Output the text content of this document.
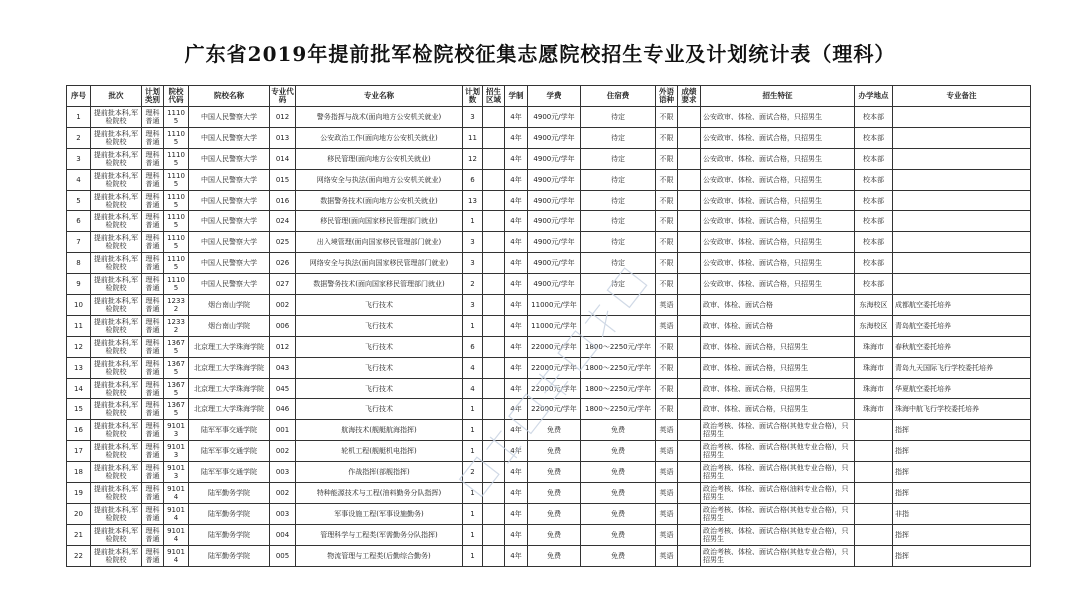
广东省2019年提前批军检院校征集志愿院校招生专业及计划统计表（理科）
序号	批次	计划类别	院校代码	院校名称	专业代码	专业名称	计划数	招生区域	学制	学费	住宿费	外语语种	成绩要求	招生特征	办学地点	专业备注
1	提前批本科,军检院校	理科普通	11105	中国人民警察大学	012	警务指挥与战术(面向地方公安机关就业)	3		4年	4900元/学年	待定	不限		公安政审、体检、面试合格，只招男生	校本部	
2	提前批本科,军检院校	理科普通	11105	中国人民警察大学	013	公安政治工作(面向地方公安机关就业)	11		4年	4900元/学年	待定	不限		公安政审、体检、面试合格，只招男生	校本部	
3	提前批本科,军检院校	理科普通	11105	中国人民警察大学	014	移民管理(面向地方公安机关就业)	12		4年	4900元/学年	待定	不限		公安政审、体检、面试合格，只招男生	校本部	
4	提前批本科,军检院校	理科普通	11105	中国人民警察大学	015	网络安全与执法(面向地方公安机关就业)	6		4年	4900元/学年	待定	不限		公安政审、体检、面试合格，只招男生	校本部	
5	提前批本科,军检院校	理科普通	11105	中国人民警察大学	016	数据警务技术(面向地方公安机关就业)	13		4年	4900元/学年	待定	不限		公安政审、体检、面试合格，只招男生	校本部	
6	提前批本科,军检院校	理科普通	11105	中国人民警察大学	024	移民管理(面向国家移民管理部门就业)	1		4年	4900元/学年	待定	不限		公安政审、体检、面试合格，只招男生	校本部	
7	提前批本科,军检院校	理科普通	11105	中国人民警察大学	025	出入境管理(面向国家移民管理部门就业)	3		4年	4900元/学年	待定	不限		公安政审、体检、面试合格，只招男生	校本部	
8	提前批本科,军检院校	理科普通	11105	中国人民警察大学	026	网络安全与执法(面向国家移民管理部门就业)	3		4年	4900元/学年	待定	不限		公安政审、体检、面试合格，只招男生	校本部	
9	提前批本科,军检院校	理科普通	11105	中国人民警察大学	027	数据警务技术(面向国家移民管理部门就业)	2		4年	4900元/学年	待定	不限		公安政审、体检、面试合格，只招男生	校本部	
10	提前批本科,军检院校	理科普通	12332	烟台南山学院	002	飞行技术	3		4年	11000元/学年		英语		政审、体检、面试合格	东海校区	成都航空委托培养
11	提前批本科,军检院校	理科普通	12332	烟台南山学院	006	飞行技术	1		4年	11000元/学年		英语		政审、体检、面试合格	东海校区	青岛航空委托培养
12	提前批本科,军检院校	理科普通	13675	北京理工大学珠海学院	012	飞行技术	6		4年	22000元/学年	1800～2250元/学年	不限		政审、体检、面试合格，只招男生	珠海市	春秋航空委托培养
13	提前批本科,军检院校	理科普通	13675	北京理工大学珠海学院	043	飞行技术	4		4年	22000元/学年	1800～2250元/学年	不限		政审、体检、面试合格，只招男生	珠海市	青岛九天国际飞行学校委托培养
14	提前批本科,军检院校	理科普通	13675	北京理工大学珠海学院	045	飞行技术	4		4年	22000元/学年	1800～2250元/学年	不限		政审、体检、面试合格，只招男生	珠海市	华夏航空委托培养
15	提前批本科,军检院校	理科普通	13675	北京理工大学珠海学院	046	飞行技术	1		4年	22000元/学年	1800～2250元/学年	不限		政审、体检、面试合格，只招男生	珠海市	珠海中航飞行学校委托培养
16	提前批本科,军检院校	理科普通	91013	陆军军事交通学院	001	航海技术(舰艇航海指挥)	1		4年	免费	免费	英语		政治考核、体检、面试合格(其他专业合格)，只招男生		指挥
17	提前批本科,军检院校	理科普通	91013	陆军军事交通学院	002	轮机工程(舰艇机电指挥)	1		4年	免费	免费	英语		政治考核、体检、面试合格(其他专业合格)，只招男生		指挥
18	提前批本科,军检院校	理科普通	91013	陆军军事交通学院	003	作战指挥(部舰指挥)	2		4年	免费	免费	英语		政治考核、体检、面试合格(其他专业合格)，只招男生		指挥
19	提前批本科,军检院校	理科普通	91014	陆军勤务学院	002	特种能源技术与工程(油料勤务分队指挥)	1		4年	免费	免费	英语		政治考核、体检、面试合格(油料专业合格)，只招男生		指挥
20	提前批本科,军检院校	理科普通	91014	陆军勤务学院	003	军事设施工程(军事设施勤务)	1		4年	免费	免费	英语		政治考核、体检、面试合格(其他专业合格)，只招男生		非指
21	提前批本科,军检院校	理科普通	91014	陆军勤务学院	004	管理科学与工程类(军需勤务分队指挥)	1		4年	免费	免费	英语		政治考核、体检、面试合格(其他专业合格)，只招男生		指挥
22	提前批本科,军检院校	理科普通	91014	陆军勤务学院	005	物流管理与工程类(后勤综合勤务)	1		4年	免费	免费	英语		政治考核、体检、面试合格(其他专业合格)，只招男生		指挥
